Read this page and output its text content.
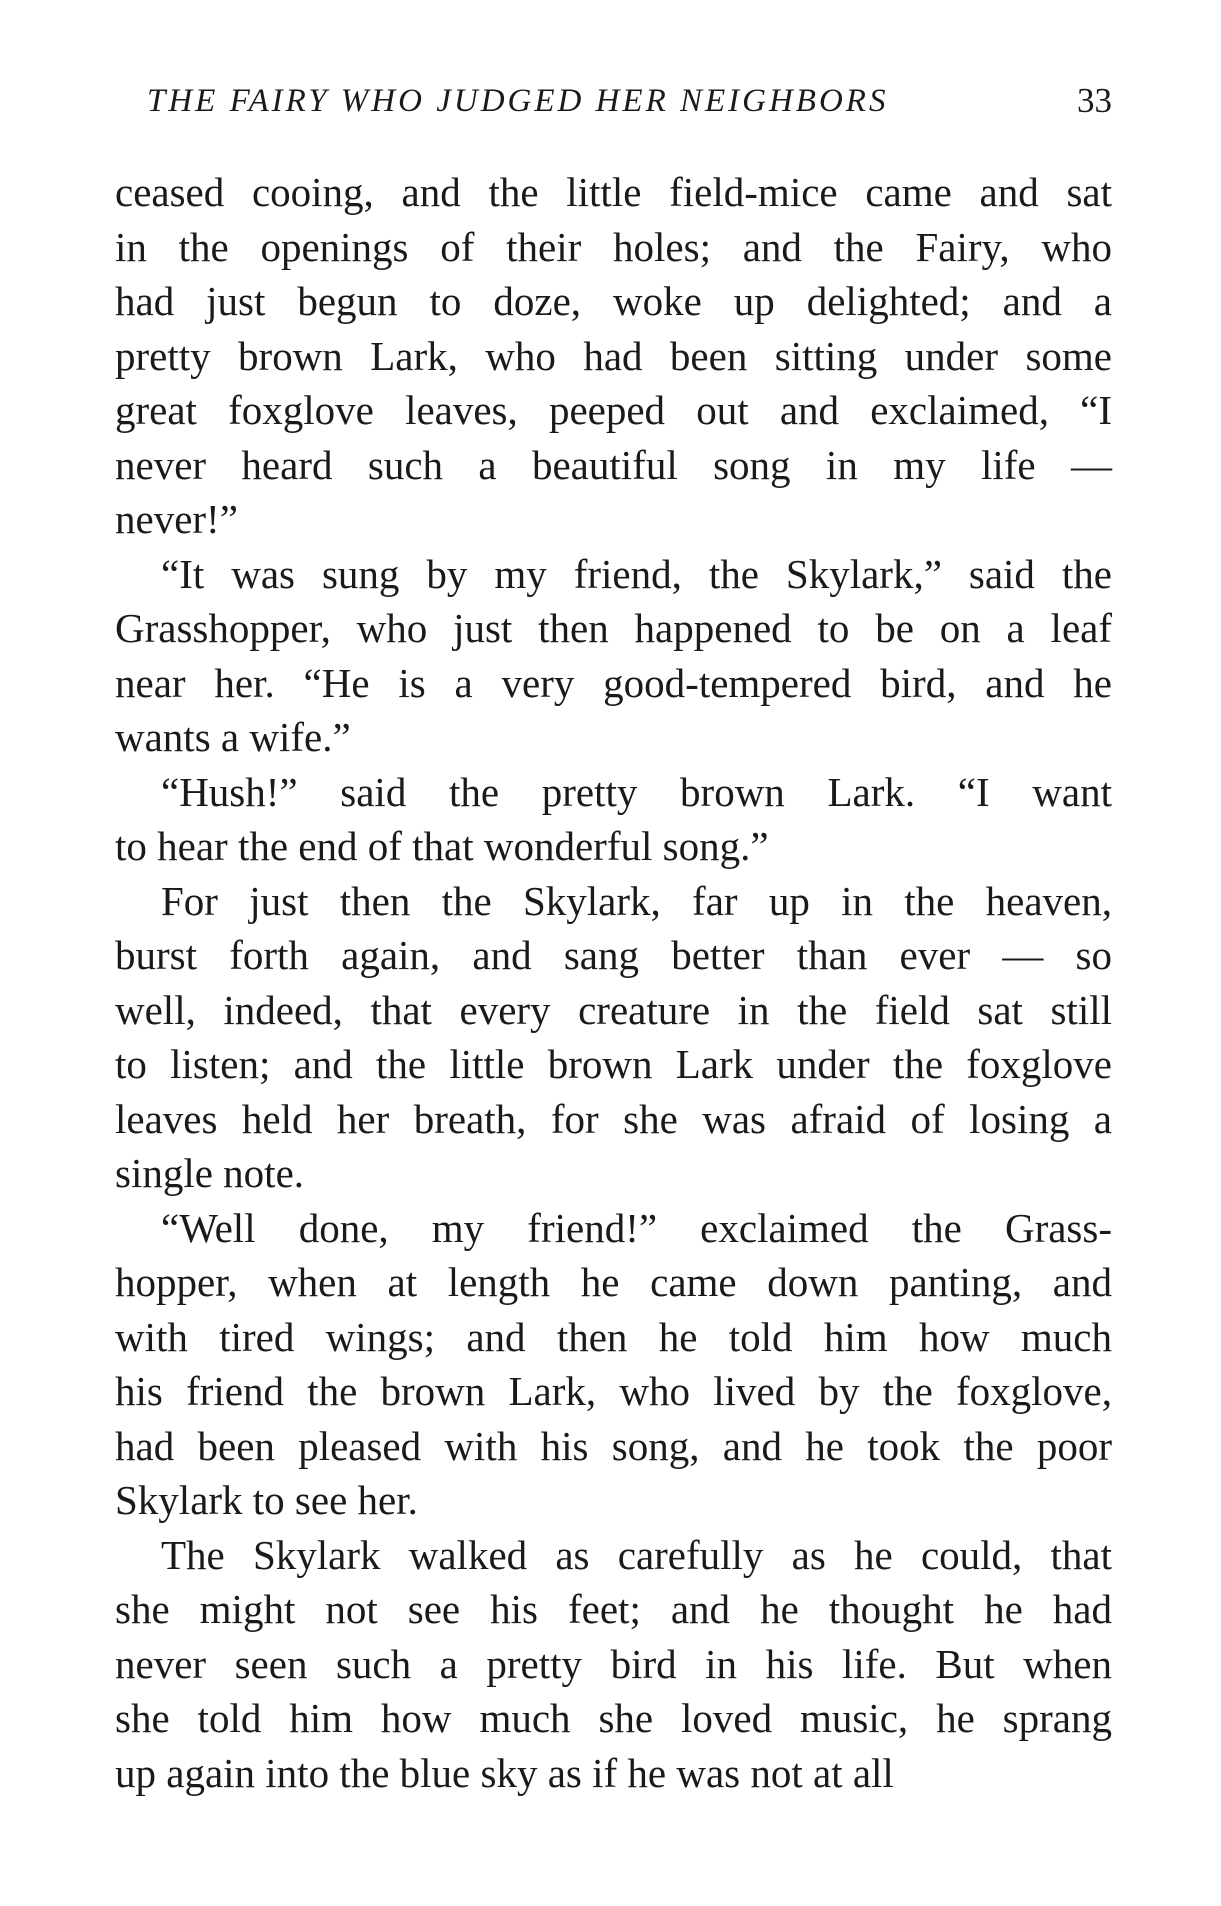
THE FAIRY WHO JUDGED HER NEIGHBORS	33
ceased cooing, and the little field-mice came and sat
in the openings of their holes; and the Fairy, who
had just begun to doze, woke up delighted; and a
pretty brown Lark, who had been sitting under some
great foxglove leaves, peeped out and exclaimed, “I
never heard such a beautiful song in my life —
never!”
“It was sung by my friend, the Skylark,” said the
Grasshopper, who just then happened to be on a leaf
near her. “He is a very good-tempered bird, and he
wants a wife.”
“Hush!” said the pretty brown Lark. “I want
to hear the end of that wonderful song.”
For just then the Skylark, far up in the heaven,
burst forth again, and sang better than ever — so
well, indeed, that every creature in the field sat still
to listen; and the little brown Lark under the foxglove
leaves held her breath, for she was afraid of losing a
single note.
“Well done, my friend!” exclaimed the Grass-
hopper, when at length he came down panting, and
with tired wings; and then he told him how much
his friend the brown Lark, who lived by the foxglove,
had been pleased with his song, and he took the poor
Skylark to see her.
The Skylark walked as carefully as he could, that
she might not see his feet; and he thought he had
never seen such a pretty bird in his life. But when
she told him how much she loved music, he sprang
up again into the blue sky as if he was not at all
